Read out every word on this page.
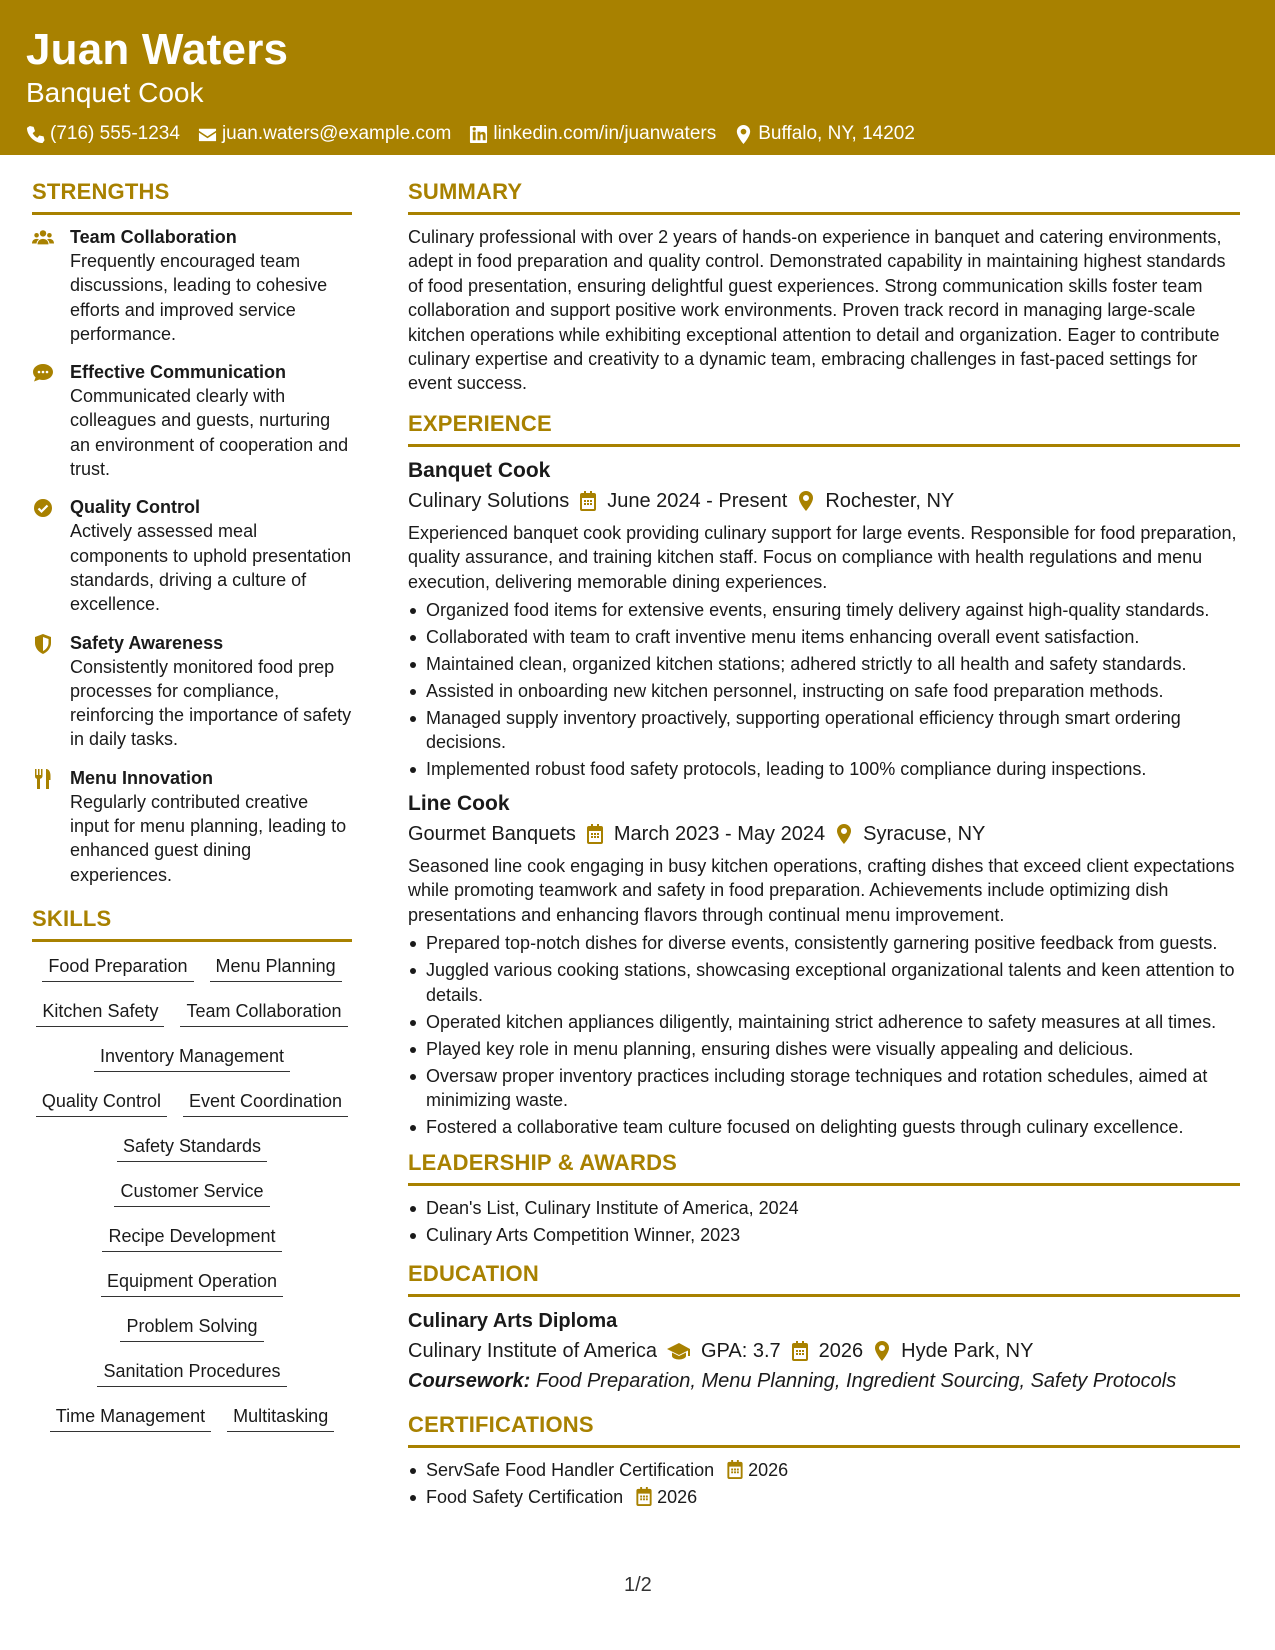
Juan Waters
Banquet Cook
(716) 555-1234 juan.waters@example.com linkedin.com/in/juanwaters Buffalo, NY, 14202
STRENGTHS
Team Collaboration
Frequently encouraged team discussions, leading to cohesive efforts and improved service performance.
Effective Communication
Communicated clearly with colleagues and guests, nurturing an environment of cooperation and trust.
Quality Control
Actively assessed meal components to uphold presentation standards, driving a culture of excellence.
Safety Awareness
Consistently monitored food prep processes for compliance, reinforcing the importance of safety in daily tasks.
Menu Innovation
Regularly contributed creative input for menu planning, leading to enhanced guest dining experiences.
SKILLS
Food Preparation	Menu Planning
Kitchen Safety	Team Collaboration
Inventory Management
Quality Control	Event Coordination
Safety Standards
Customer Service
Recipe Development
Equipment Operation
Problem Solving
Sanitation Procedures
Time Management	Multitasking
SUMMARY
Culinary professional with over 2 years of hands-on experience in banquet and catering environments, adept in food preparation and quality control. Demonstrated capability in maintaining highest standards of food presentation, ensuring delightful guest experiences. Strong communication skills foster team collaboration and support positive work environments. Proven track record in managing large-scale kitchen operations while exhibiting exceptional attention to detail and organization. Eager to contribute culinary expertise and creativity to a dynamic team, embracing challenges in fast-paced settings for event success.
EXPERIENCE
Banquet Cook
Culinary Solutions June 2024 - Present Rochester, NY
Experienced banquet cook providing culinary support for large events. Responsible for food preparation, quality assurance, and training kitchen staff. Focus on compliance with health regulations and menu execution, delivering memorable dining experiences.
Organized food items for extensive events, ensuring timely delivery against high-quality standards.
Collaborated with team to craft inventive menu items enhancing overall event satisfaction.
Maintained clean, organized kitchen stations; adhered strictly to all health and safety standards.
Assisted in onboarding new kitchen personnel, instructing on safe food preparation methods.
Managed supply inventory proactively, supporting operational efficiency through smart ordering decisions.
Implemented robust food safety protocols, leading to 100% compliance during inspections.
Line Cook
Gourmet Banquets March 2023 - May 2024 Syracuse, NY
Seasoned line cook engaging in busy kitchen operations, crafting dishes that exceed client expectations while promoting teamwork and safety in food preparation. Achievements include optimizing dish presentations and enhancing flavors through continual menu improvement.
Prepared top-notch dishes for diverse events, consistently garnering positive feedback from guests.
Juggled various cooking stations, showcasing exceptional organizational talents and keen attention to details.
Operated kitchen appliances diligently, maintaining strict adherence to safety measures at all times.
Played key role in menu planning, ensuring dishes were visually appealing and delicious.
Oversaw proper inventory practices including storage techniques and rotation schedules, aimed at minimizing waste.
Fostered a collaborative team culture focused on delighting guests through culinary excellence.
LEADERSHIP & AWARDS
Dean's List, Culinary Institute of America, 2024
Culinary Arts Competition Winner, 2023
EDUCATION
Culinary Arts Diploma
Culinary Institute of America GPA: 3.7 2026 Hyde Park, NY
Coursework: Food Preparation, Menu Planning, Ingredient Sourcing, Safety Protocols
CERTIFICATIONS
ServSafe Food Handler Certification 2026
Food Safety Certification 2026
1/2
